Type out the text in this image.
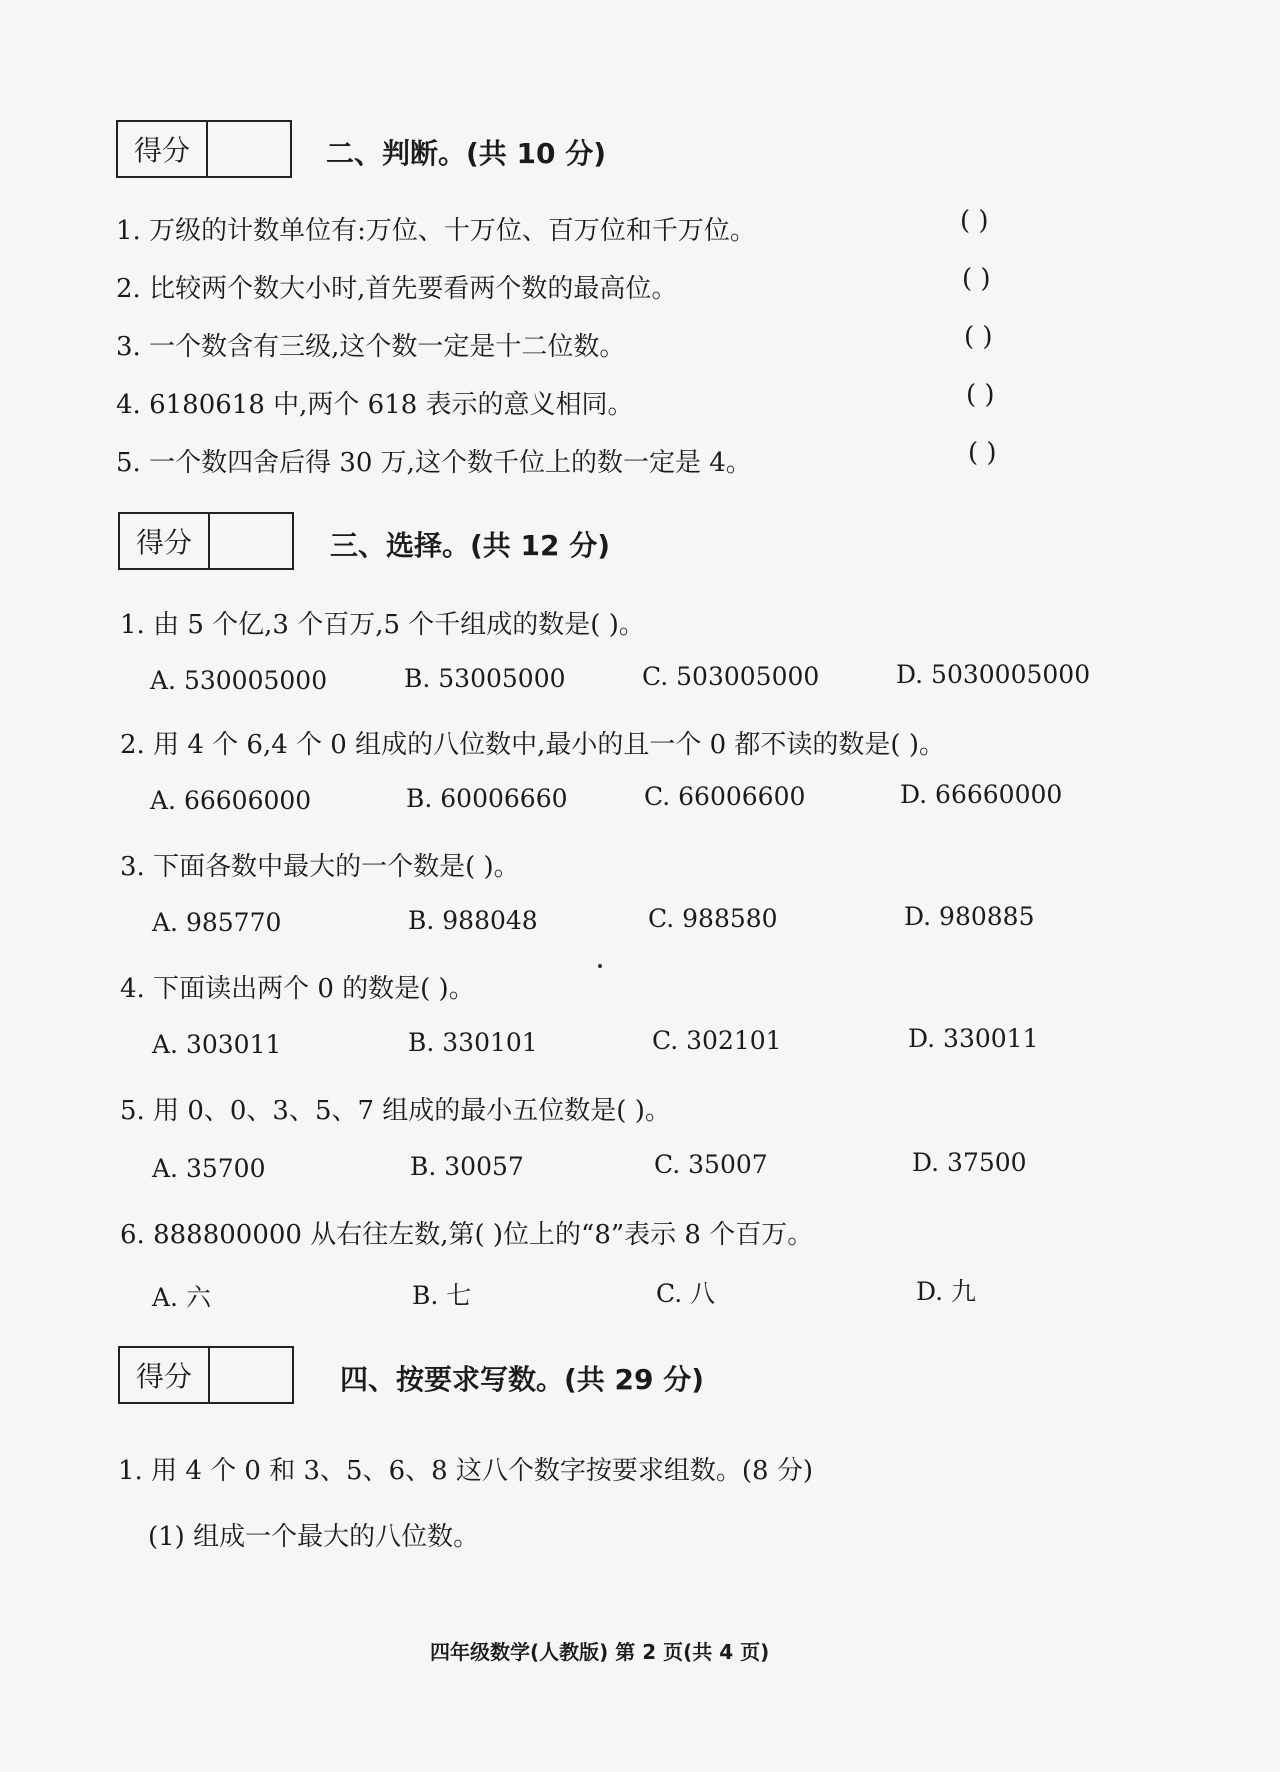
得分	二、判断。(共 10 分)
1. 万级的计数单位有:万位、十万位、百万位和千万位。	( )
2. 比较两个数大小时,首先要看两个数的最高位。	( )
3. 一个数含有三级,这个数一定是十二位数。	( )
4. 6180618 中,两个 618 表示的意义相同。	( )
5. 一个数四舍后得 30 万,这个数千位上的数一定是 4。	( )
得分	三、选择。(共 12 分)
1. 由 5 个亿,3 个百万,5 个千组成的数是( )。
A. 530005000	B. 53005000	C. 503005000	D. 5030005000
2. 用 4 个 6,4 个 0 组成的八位数中,最小的且一个 0 都不读的数是( )。
A. 66606000	B. 60006660	C. 66006600	D. 66660000
3. 下面各数中最大的一个数是( )。
A. 985770	B. 988048	C. 988580	D. 980885
4. 下面读出两个 0 的数是( )。
A. 303011	B. 330101	C. 302101	D. 330011
5. 用 0、0、3、5、7 组成的最小五位数是( )。
A. 35700	B. 30057	C. 35007	D. 37500
6. 888800000 从右往左数,第( )位上的“8”表示 8 个百万。
A. 六	B. 七	C. 八	D. 九
得分	四、按要求写数。(共 29 分)
1. 用 4 个 0 和 3、5、6、8 这八个数字按要求组数。(8 分)
(1) 组成一个最大的八位数。
四年级数学(人教版) 第 2 页(共 4 页)
